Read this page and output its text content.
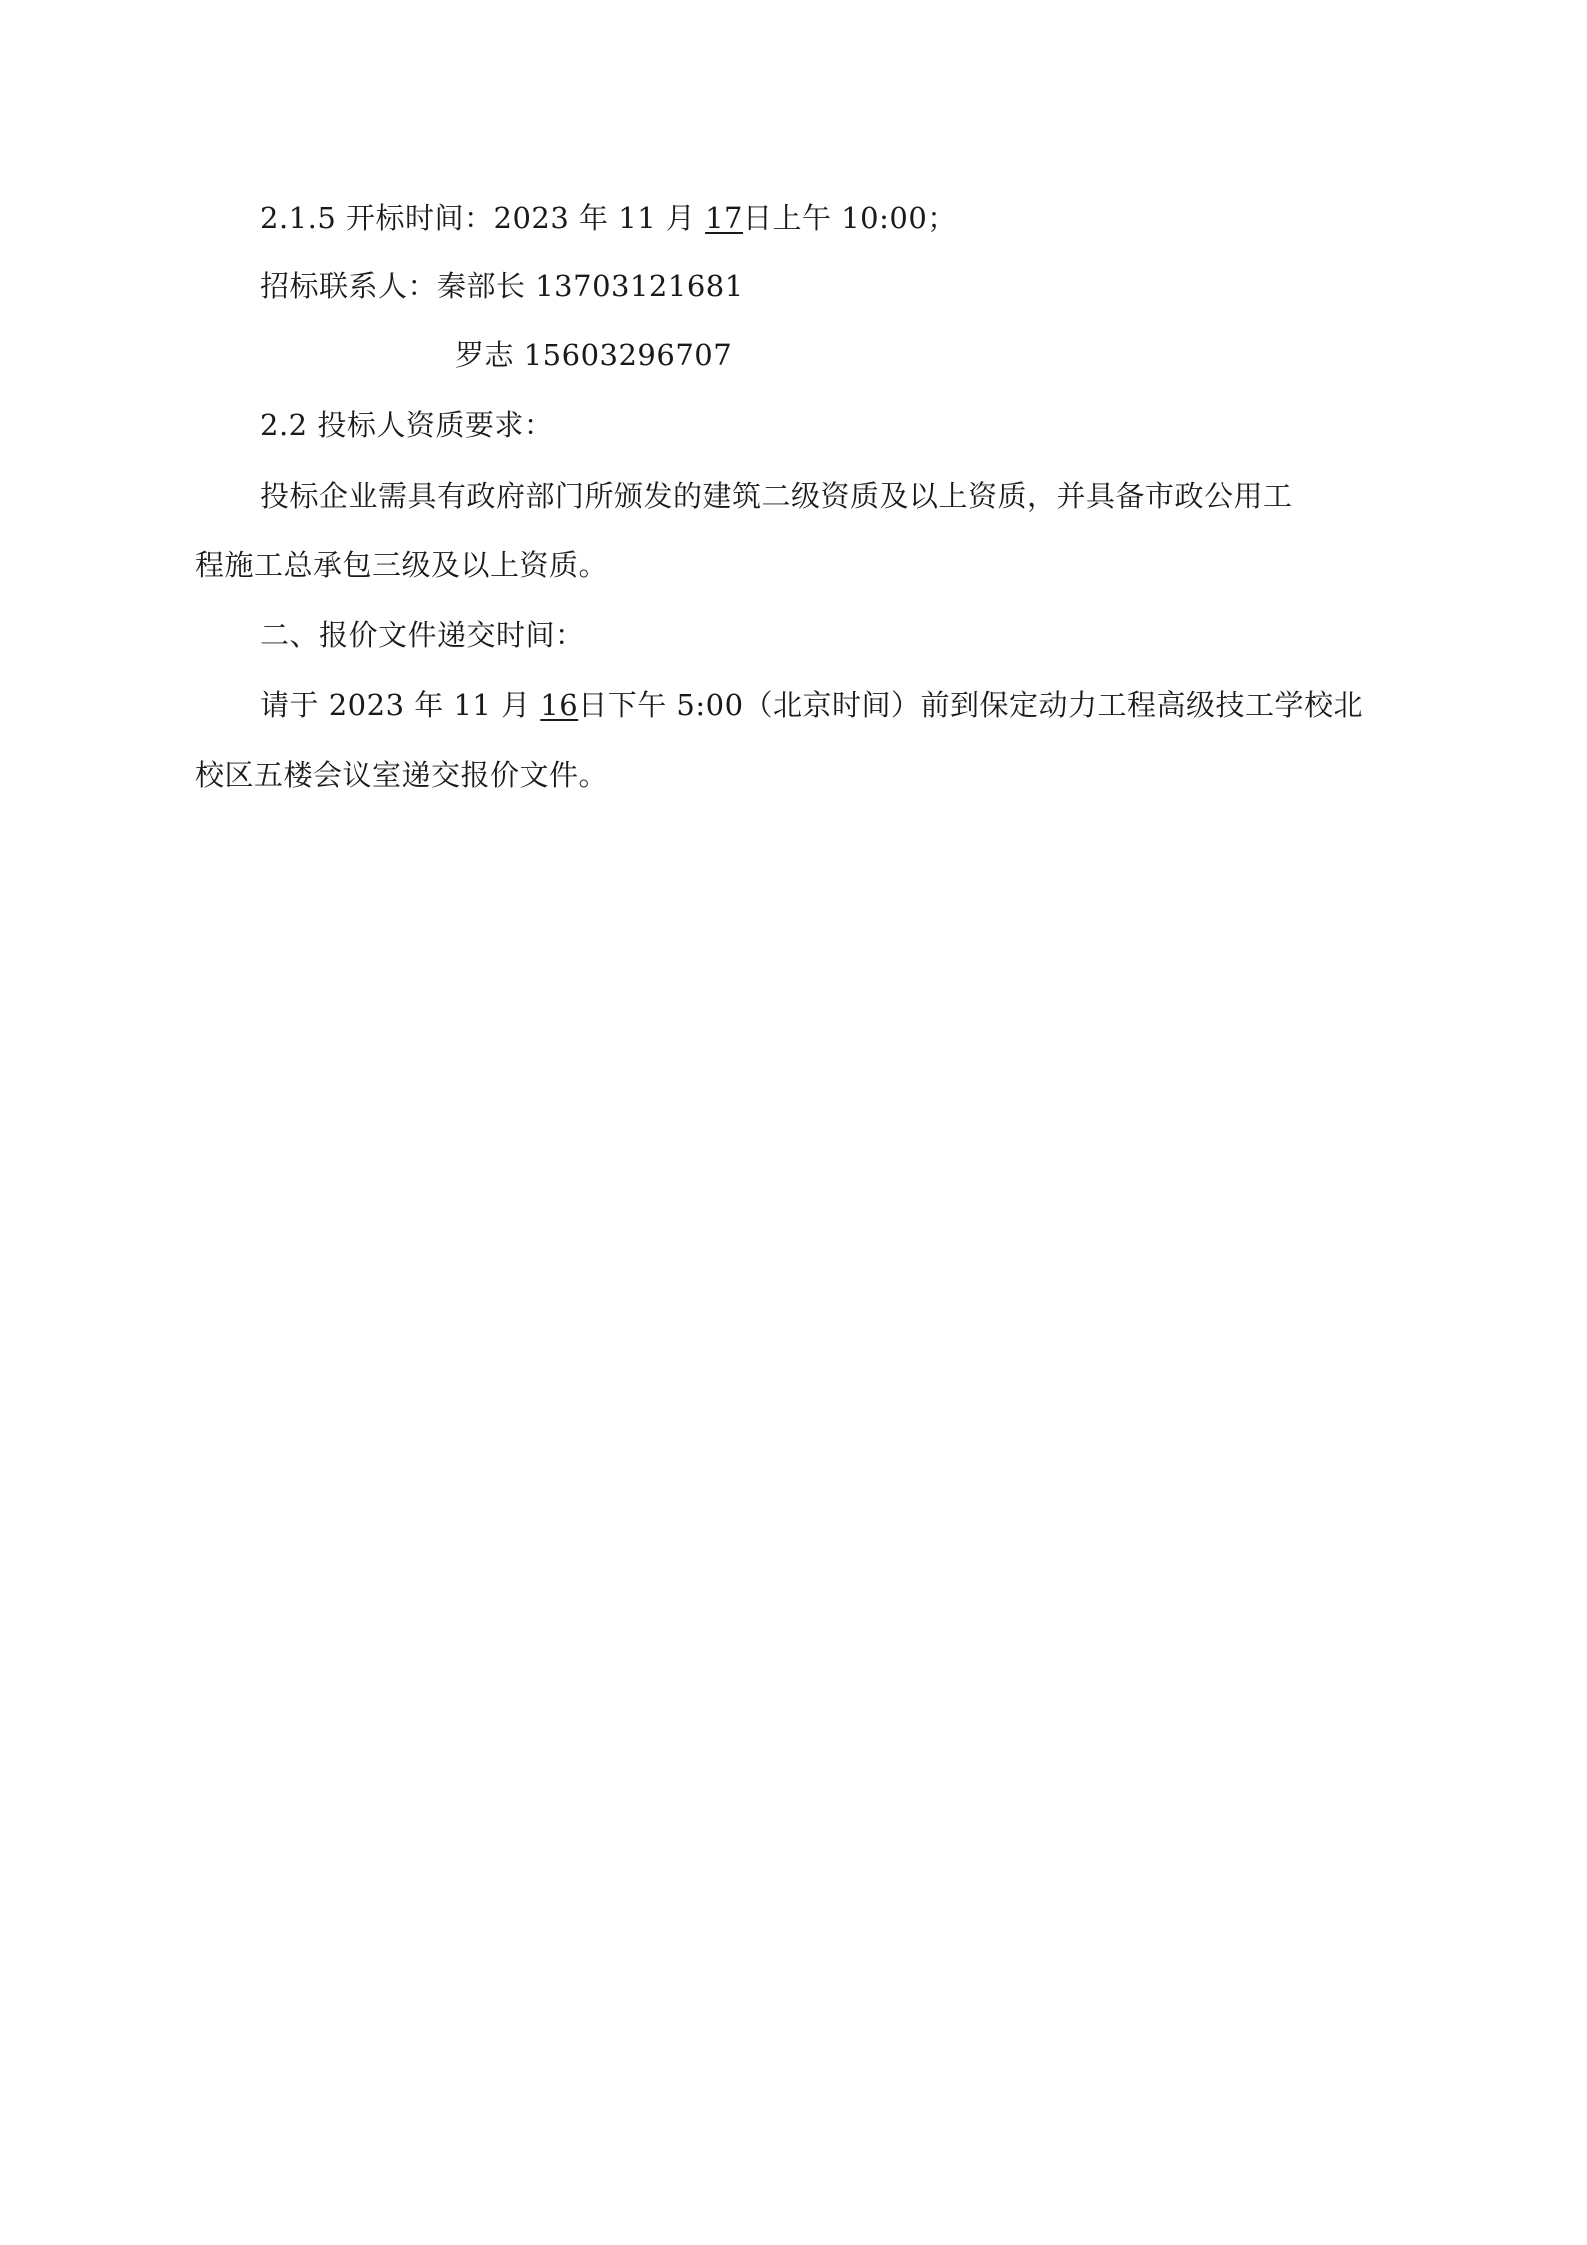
2.1.5 开标时间：2023 年 11 月 17日上午 10:00；
招标联系人：秦部长 13703121681
罗志 15603296707
2.2 投标人资质要求：
投标企业需具有政府部门所颁发的建筑二级资质及以上资质，并具备市政公用工
程施工总承包三级及以上资质。
二、报价文件递交时间：
请于 2023 年 11 月 16日下午 5:00（北京时间）前到保定动力工程高级技工学校北
校区五楼会议室递交报价文件。
